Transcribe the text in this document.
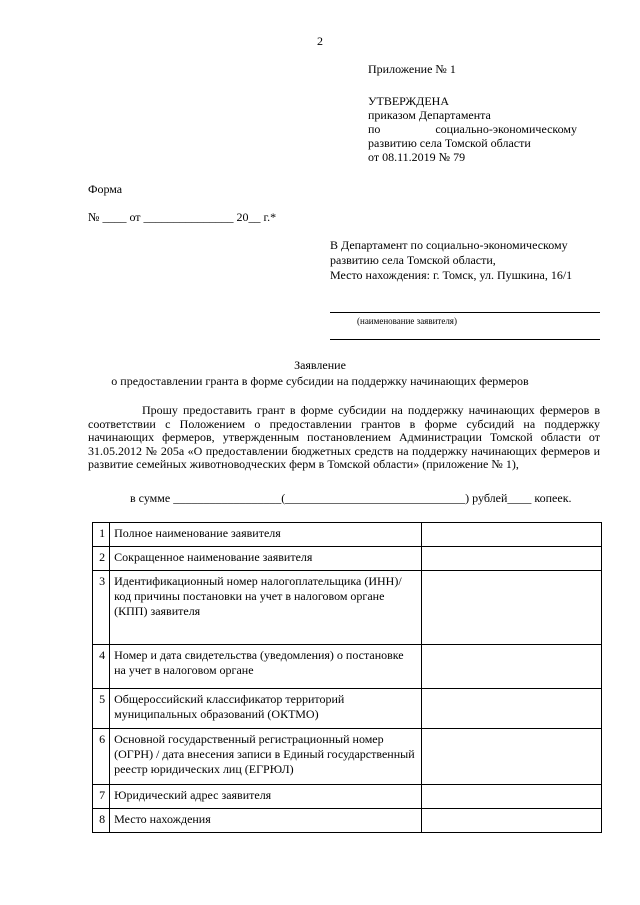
2
Приложение № 1
УТВЕРЖДЕНА
приказом Департамента
по	социально-экономическому
развитию села Томской области
от 08.11.2019 № 79
Форма
№ ____ от _______________ 20__ г.*
В Департамент по социально-экономическому
развитию села Томской области,
Место нахождения: г. Томск, ул. Пушкина, 16/1
(наименование заявителя)
Заявление
о предоставлении гранта в форме субсидии на поддержку начинающих фермеров

Прошу предоставить грант в форме субсидии на поддержку начинающих фермеров в соответствии с Положением о предоставлении грантов в форме субсидий на поддержку начинающих фермеров, утвержденным постановлением Администрации Томской области от 31.05.2012 № 205а «О предоставлении бюджетных средств на поддержку начинающих фермеров и развитие семейных животноводческих ферм в Томской области» (приложение № 1),

в сумме __________________(______________________________) рублей____ копеек.
1	Полное наименование заявителя	
2	Сокращенное наименование заявителя	
3	Идентификационный номер налогоплательщика (ИНН)/ код причины постановки на учет в налоговом органе (КПП) заявителя	
4	Номер и дата свидетельства (уведомления) о постановке на учет в налоговом органе	
5	Общероссийский классификатор территорий муниципальных образований (ОКТМО)	
6	Основной государственный регистрационный номер (ОГРН) / дата внесения записи в Единый государственный реестр юридических лиц (ЕГРЮЛ)	
7	Юридический адрес заявителя	
8	Место нахождения	
